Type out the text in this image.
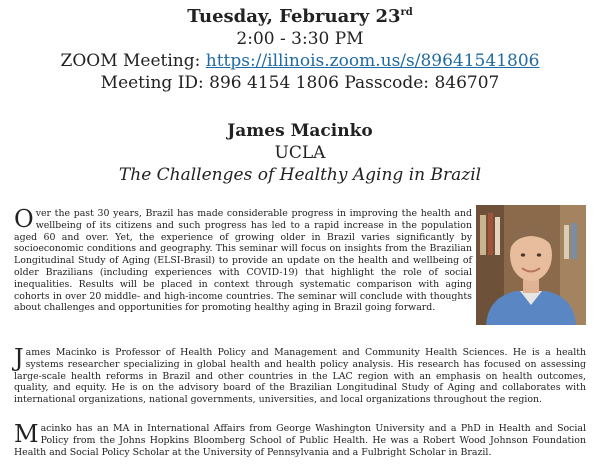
Tuesday, February 23rd
2:00 - 3:30 PM
ZOOM Meeting: https://illinois.zoom.us/s/89641541806
Meeting ID: 896 4154 1806 Passcode: 846707
James Macinko
UCLA
The Challenges of Healthy Aging in Brazil

Over the past 30 years, Brazil has made considerable progress in improving the health and wellbeing of its citizens and such progress has led to a rapid increase in the population aged 60 and over. Yet, the experience of growing older in Brazil varies significantly by socioeconomic conditions and geography. This seminar will focus on insights from the Brazilian Longitudinal Study of Aging (ELSI-Brasil) to provide an update on the health and wellbeing of older Brazilians (including experiences with COVID-19) that highlight the role of social inequalities. Results will be placed in context through systematic comparison with aging cohorts in over 20 middle- and high-income countries. The seminar will conclude with thoughts about challenges and opportunities for promoting healthy aging in Brazil going forward.

James Macinko is Professor of Health Policy and Management and Community Health Sciences. He is a health systems researcher specializing in global health and health policy analysis. His research has focused on assessing large-scale health reforms in Brazil and other countries in the LAC region with an emphasis on health outcomes, quality, and equity. He is on the advisory board of the Brazilian Longitudinal Study of Aging and collaborates with international organizations, national governments, universities, and local organizations throughout the region.

Macinko has an MA in International Affairs from George Washington University and a PhD in Health and Social Policy from the Johns Hopkins Bloomberg School of Public Health. He was a Robert Wood Johnson Foundation Health and Social Policy Scholar at the University of Pennsylvania and a Fulbright Scholar in Brazil.
